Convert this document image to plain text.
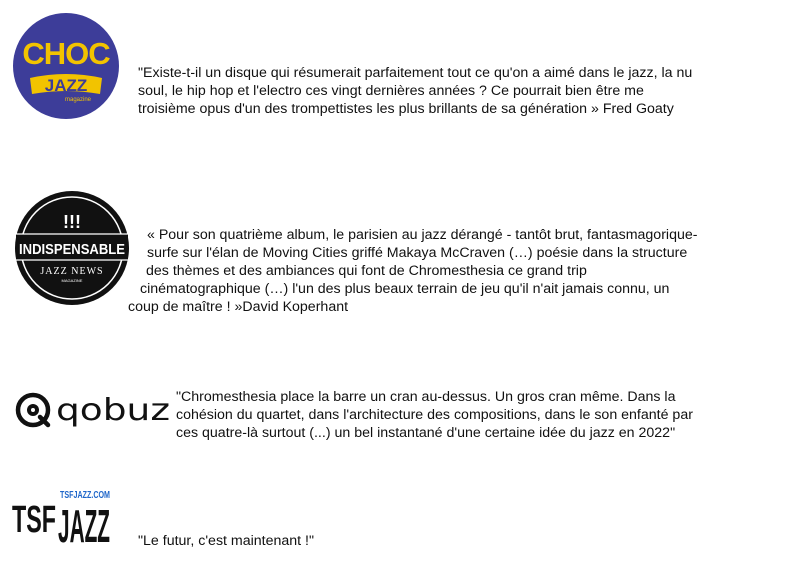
CHOC
JAZZ
magazine

"Existe-t-il un disque qui résumerait parfaitement tout ce qu'on a aimé dans le jazz, la nu
soul, le hip hop et l'electro ces vingt dernières années ? Ce pourrait bien être me
troisième opus d'un des trompettistes les plus brillants de sa génération » Fred Goaty

!!!
INDISPENSABLE
JAZZ NEWS
MAGAZINE

« Pour son quatrième album, le parisien au jazz dérangé - tantôt brut, fantasmagorique-
surfe sur l'élan de Moving Cities griffé Makaya McCraven (…) poésie dans la structure
des thèmes et des ambiances qui font de Chromesthesia ce grand trip
cinématographique (…) l'un des plus beaux terrain de jeu qu'il n'ait jamais connu, un
coup de maître ! »David Koperhant

qobuz "Chromesthesia place la barre un cran au-dessus. Un gros cran même. Dans la
cohésion du quartet, dans l'architecture des compositions, dans le son enfanté par
ces quatre-là surtout (...) un bel instantané d'une certaine idée du jazz en 2022"

TSFJAZZ.COM
TSF JAZZ "Le futur, c'est maintenant !"
